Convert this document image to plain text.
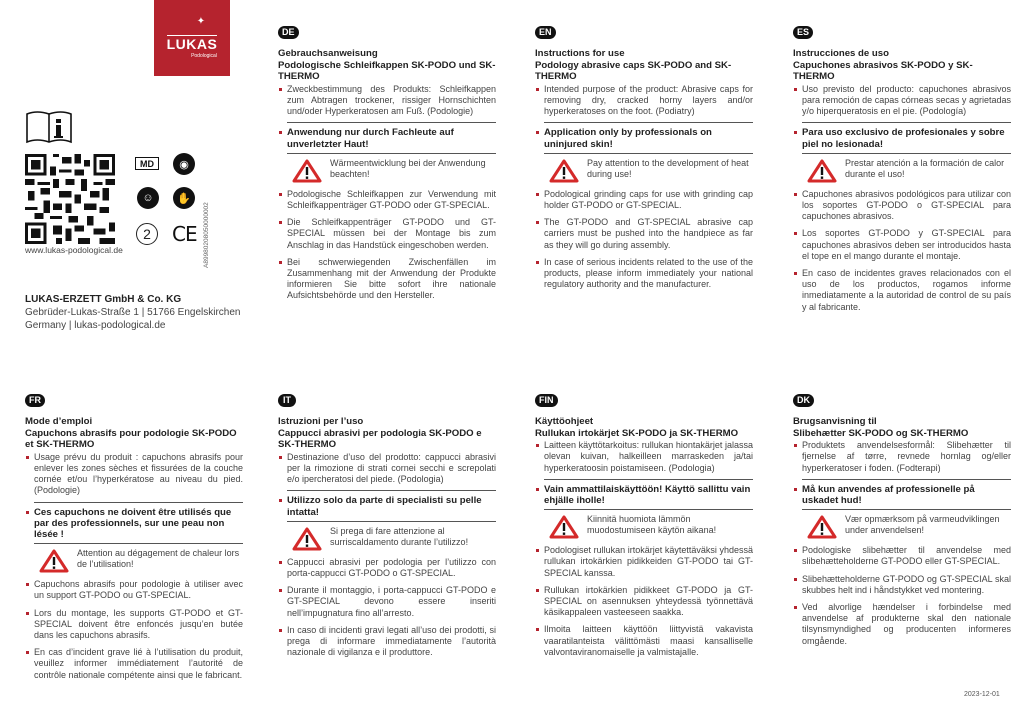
✦
LUKAS
Podological
www.lukas-podological.de
MD	◉
☺	✋
2	CE A89980208050000002
LUKAS-ERZETT GmbH & Co. KG
Gebrüder-Lukas-Straße 1 | 51766 Engelskirchen
Germany | lukas-podological.de
DE
Gebrauchsanweisung
Podologische Schleifkappen SK-PODO und SK-THERMO
Zweckbestimmung des Produkts: Schleifkappen zum Abtragen trockener, rissiger Hornschichten und/oder Hyperkeratosen am Fuß. (Podologie)
Anwendung nur durch Fachleute auf unverletzter Haut!
Wärmeentwicklung bei der Anwendung beachten!
Podologische Schleifkappen zur Verwendung mit Schleifkappenträger GT-PODO oder GT-SPECIAL.
Die Schleifkappenträger GT-PODO und GT-SPECIAL müssen bei der Montage bis zum Anschlag in das Handstück eingeschoben werden.
Bei schwerwiegenden Zwischenfällen im Zusammenhang mit der Anwendung der Produkte informieren Sie bitte sofort ihre nationale Aufsichtsbehörde und den Hersteller.
EN
Instructions for use
Podology abrasive caps SK-PODO and SK-THERMO
Intended purpose of the product: Abrasive caps for removing dry, cracked horny layers and/or hyperkeratoses on the foot. (Podiatry)
Application only by professionals on uninjured skin!
Pay attention to the development of heat during use!
Podological grinding caps for use with grinding cap holder GT-PODO or GT-SPECIAL.
The GT-PODO and GT-SPECIAL abrasive cap carriers must be pushed into the handpiece as far as they will go during assembly.
In case of serious incidents related to the use of the products, please inform immediately your national regulatory authority and the manufacturer.
ES
Instrucciones de uso
Capuchones abrasivos SK-PODO y SK-THERMO
Uso previsto del producto: capuchones abrasivos para remoción de capas córneas secas y agrietadas y/o hiperqueratosis en el pie. (Podología)
Para uso exclusivo de profesionales y sobre piel no lesionada!
Prestar atención a la formación de calor durante el uso!
Capuchones abrasivos podológicos para utilizar con los soportes GT-PODO o GT-SPECIAL para capuchones abrasivos.
Los soportes GT-PODO y GT-SPECIAL para capuchones abrasivos deben ser introducidos hasta el tope en el mango durante el montaje.
En caso de incidentes graves relacionados con el uso de los productos, rogamos informe inmediatamente a la autoridad de control de su país y al fabricante.
FR
Mode d’emploi
Capuchons abrasifs pour podologie SK-PODO et SK-THERMO
Usage prévu du produit : capuchons abrasifs pour enlever les zones sèches et fissurées de la couche cornée et/ou l’hyperkératose au niveau du pied. (Podologie)
Ces capuchons ne doivent être utilisés que par des professionnels, sur une peau non lésée !
Attention au dégagement de chaleur lors de l’utilisation!
Capuchons abrasifs pour podologie à utiliser avec un support GT-PODO ou GT-SPECIAL.
Lors du montage, les supports GT-PODO et GT-SPECIAL doivent être enfoncés jusqu’en butée dans les capuchons abrasifs.
En cas d’incident grave lié à l’utilisation du produit, veuillez informer immédiatement l’autorité de contrôle nationale compétente ainsi que le fabricant.
IT
Istruzioni per l’uso
Cappucci abrasivi per podologia SK-PODO e SK-THERMO
Destinazione d’uso del prodotto: cappucci abrasivi per la rimozione di strati cornei secchi e screpolati e/o ipercheratosi del piede. (Podologia)
Utilizzo solo da parte di specialisti su pelle intatta!
Si prega di fare attenzione al surriscaldamento durante l’utilizzo!
Cappucci abrasivi per podologia per l’utilizzo con porta-cappucci GT-PODO o GT-SPECIAL.
Durante il montaggio, i porta-cappucci GT-PODO e GT-SPECIAL devono essere inseriti nell’impugnatura fino all’arresto.
In caso di incidenti gravi legati all’uso dei prodotti, si prega di informare immediatamente l’autorità nazionale di vigilanza e il produttore.
FIN
Käyttöohjeet
Rullukan irtokärjet SK-PODO ja SK-THERMO
Laitteen käyttötarkoitus: rullukan hiontakärjet jalassa olevan kuivan, halkeilleen marraskeden ja/tai hyperkeratoosin poistamiseen. (Podologia)
Vain ammattilaiskäyttöön! Käyttö sallittu vain ehjälle iholle!
Kiinnitä huomiota lämmön muodostumiseen käytön aikana!
Podologiset rullukan irtokärjet käytettäväksi yhdessä rullukan irtokärkien pidikkeiden GT-PODO tai GT-SPECIAL kanssa.
Rullukan irtokärkien pidikkeet GT-PODO ja GT-SPECIAL on asennuksen yhteydessä työnnettävä käsikappaleen vasteeseen saakka.
Ilmoita laitteen käyttöön liittyvistä vakavista vaaratilanteista välittömästi maasi kansalliselle valvontaviranomaiselle ja valmistajalle.
DK
Brugsanvisning til
Slibehætter SK-PODO og SK-THERMO
Produktets anvendelsesformål: Slibehætter til fjernelse af tørre, revnede hornlag og/eller hyperkeratoser i foden. (Fodterapi)
Må kun anvendes af professionelle på uskadet hud!
Vær opmærksom på varmeudviklingen under anvendelsen!
Podologiske slibehætter til anvendelse med slibehætteholderne GT-PODO eller GT-SPECIAL.
Slibehætteholderne GT-PODO og GT-SPECIAL skal skubbes helt ind i håndstykket ved montering.
Ved alvorlige hændelser i forbindelse med anvendelse af produkterne skal den nationale tilsynsmyndighed og producenten informeres omgående.
2023-12-01
